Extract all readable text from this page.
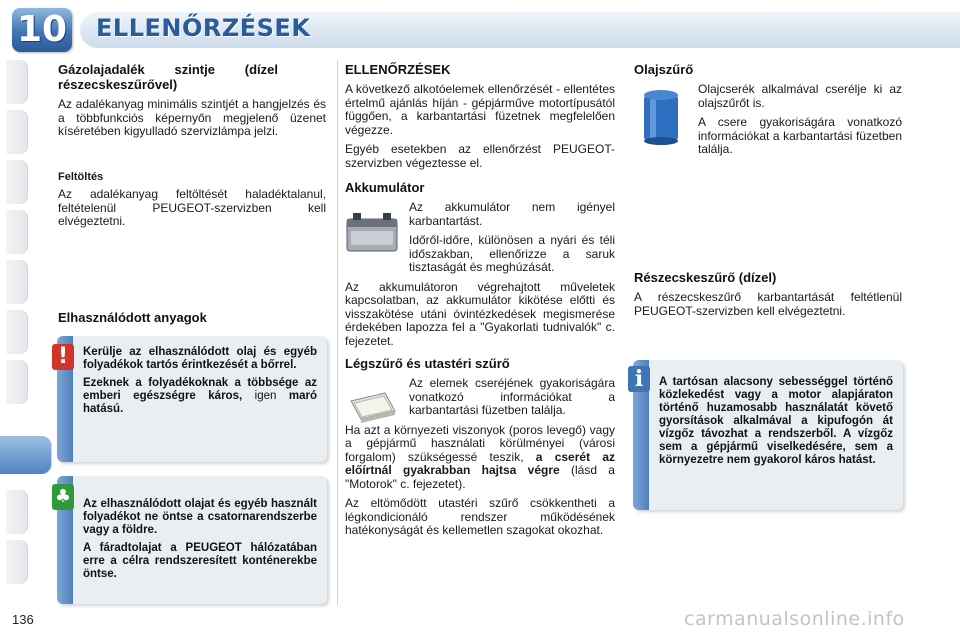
10 ELLENŐRZÉSEK
Gázolajadalék szintje (dízel részecskeszűrővel)

Az adalékanyag minimális szintjét a hangjelzés és a többfunkciós képernyőn megjelenő üzenet kíséretében kigyulladó szervizlámpa jelzi.

Feltöltés

Az adalékanyag feltöltését haladéktalanul, feltételenül PEUGEOT-szervizben kell elvégeztetni.

Elhasználódott anyagok

Kerülje az elhasználódott olaj és egyéb folyadékok tartós érintkezését a bőrrel.

Ezeknek a folyadékoknak a többsége az emberi egészségre káros, igen maró hatású.

!

Az elhasználódott olajat és egyéb használt folyadékot ne öntse a csatornarendszerbe vagy a földre.

A fáradtolajat a PEUGEOT hálózatában erre a célra rendszeresített konténerekbe öntse.

♣
ELLENŐRZÉSEK

A következő alkotóelemek ellenőrzését - ellentétes értelmű ajánlás híján - gépjárműve motortípusától függően, a karbantartási füzetnek megfelelően végezze.

Egyéb esetekben az ellenőrzést PEUGEOT-szervizben végeztesse el.

Akkumulátor

Az akkumulátor nem igényel karbantartást.

Időről-időre, különösen a nyári és téli időszakban, ellenőrizze a saruk tisztaságát és meghúzását.

Az akkumulátoron végrehajtott műveletek kapcsolatban, az akkumulátor kikötése előtti és visszakötése utáni óvintézkedések megismerése érdekében lapozza fel a "Gyakorlati tudnivalók" c. fejezetet.

Légszűrő és utastéri szűrő

Az elemek cseréjének gyakoriságára vonatkozó információkat a karbantartási füzetben találja.

Ha azt a környezeti viszonyok (poros levegő) vagy a gépjármű használati körülményei (városi forgalom) szükségessé teszik, a cserét az előírtnál gyakrabban hajtsa végre (lásd a "Motorok" c. fejezetet).

Az eltömődött utastéri szűrő csökkentheti a légkondicionáló rendszer működésének hatékonyságát és kellemetlen szagokat okozhat.

Olajszűrő

Olajcserék alkalmával cserélje ki az olajszűrőt is.

A csere gyakoriságára vonatkozó információkat a karbantartási füzetben találja.

Részecskeszűrő (dízel)

A részecskeszűrő karbantartását feltétlenül PEUGEOT-szervizben kell elvégeztetni.

A tartósan alacsony sebességgel történő közlekedést vagy a motor alapjáraton történő huzamosabb használatát követő gyorsítások alkalmával a kipufogón át vízgőz távozhat a rendszerből. A vízgőz sem a gépjármű viselkedésére, sem a környezetre nem gyakorol káros hatást.

i
136	carmanualsonline.info
